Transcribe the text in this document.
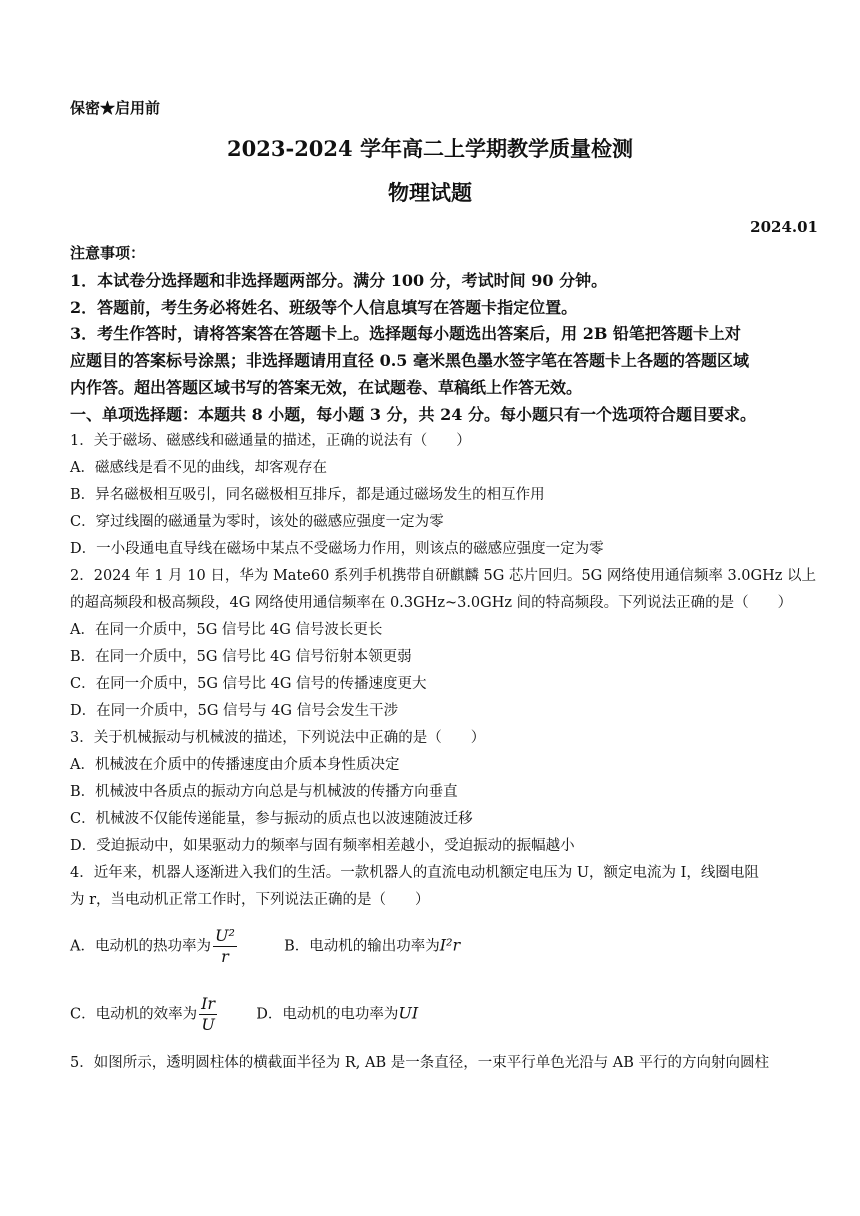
保密★启用前
2023-2024 学年高二上学期教学质量检测
物理试题
2024.01
注意事项：
1．本试卷分选择题和非选择题两部分。满分 100 分，考试时间 90 分钟。
2．答题前，考生务必将姓名、班级等个人信息填写在答题卡指定位置。
3．考生作答时，请将答案答在答题卡上。选择题每小题选出答案后，用 2B 铅笔把答题卡上对
应题目的答案标号涂黑；非选择题请用直径 0.5 毫米黑色墨水签字笔在答题卡上各题的答题区域
内作答。超出答题区域书写的答案无效，在试题卷、草稿纸上作答无效。
一、单项选择题：本题共 8 小题，每小题 3 分，共 24 分。每小题只有一个选项符合题目要求。
1．关于磁场、磁感线和磁通量的描述，正确的说法有（　　）
A．磁感线是看不见的曲线，却客观存在
B．异名磁极相互吸引，同名磁极相互排斥，都是通过磁场发生的相互作用
C．穿过线圈的磁通量为零时，该处的磁感应强度一定为零
D．一小段通电直导线在磁场中某点不受磁场力作用，则该点的磁感应强度一定为零
2．2024 年 1 月 10 日，华为 Mate60 系列手机携带自研麒麟 5G 芯片回归。5G 网络使用通信频率 3.0GHz 以上
的超高频段和极高频段，4G 网络使用通信频率在 0.3GHz~3.0GHz 间的特高频段。下列说法正确的是（　　）
A．在同一介质中，5G 信号比 4G 信号波长更长
B．在同一介质中，5G 信号比 4G 信号衍射本领更弱
C．在同一介质中，5G 信号比 4G 信号的传播速度更大
D．在同一介质中，5G 信号与 4G 信号会发生干涉
3．关于机械振动与机械波的描述，下列说法中正确的是（　　）
A．机械波在介质中的传播速度由介质本身性质决定
B．机械波中各质点的振动方向总是与机械波的传播方向垂直
C．机械波不仅能传递能量，参与振动的质点也以波速随波迁移
D．受迫振动中，如果驱动力的频率与固有频率相差越小，受迫振动的振幅越小
4．近年来，机器人逐渐进入我们的生活。一款机器人的直流电动机额定电压为 U，额定电流为 I，线圈电阻
为 r，当电动机正常工作时，下列说法正确的是（　　）
A．电动机的热功率为 $\frac{\text{U²}}{r}$	B．电动机的输出功率为I²r
C．电动机的效率为 $\frac{Ir}{U}$	D．电动机的电功率为UI
5．如图所示，透明圆柱体的横截面半径为 R, AB 是一条直径，一束平行单色光沿与 AB 平行的方向射向圆柱
